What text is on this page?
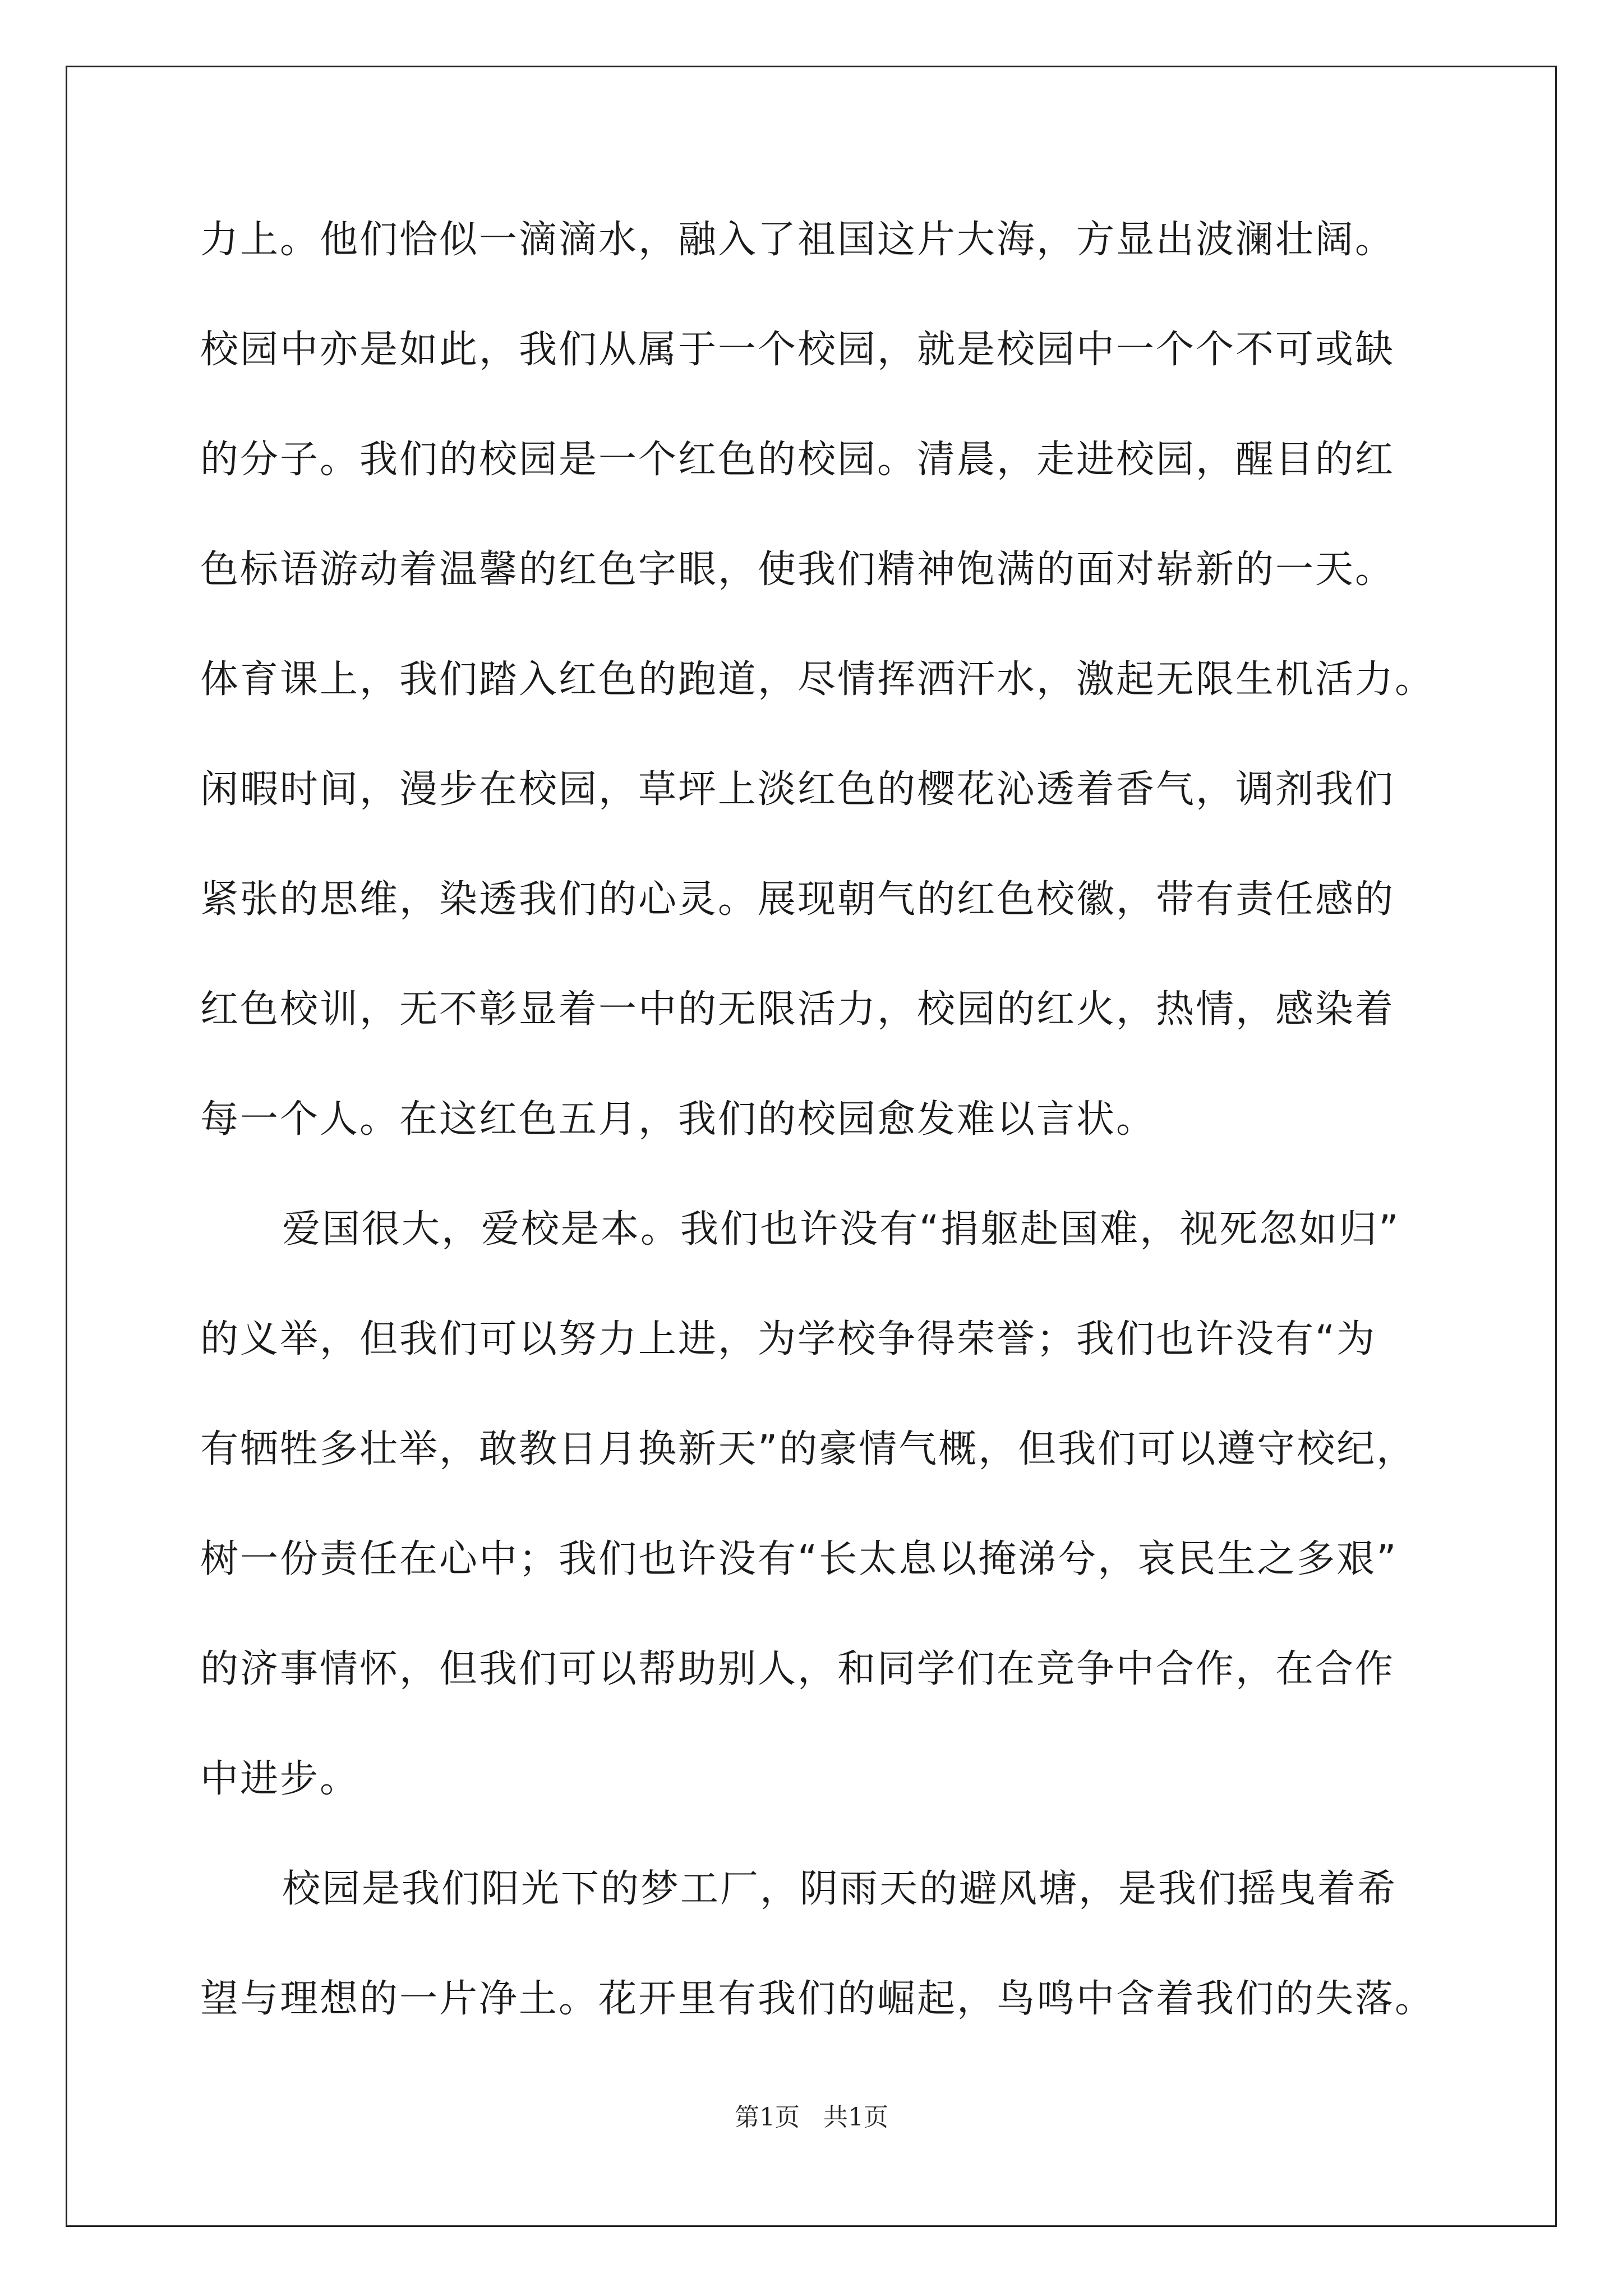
力上。他们恰似一滴滴水，融入了祖国这片大海，方显出波澜壮阔。
校园中亦是如此，我们从属于一个校园，就是校园中一个个不可或缺
的分子。我们的校园是一个红色的校园。清晨，走进校园，醒目的红
色标语游动着温馨的红色字眼，使我们精神饱满的面对崭新的一天。
体育课上，我们踏入红色的跑道，尽情挥洒汗水，激起无限生机活力。
闲暇时间，漫步在校园，草坪上淡红色的樱花沁透着香气，调剂我们
紧张的思维，染透我们的心灵。展现朝气的红色校徽，带有责任感的
红色校训，无不彰显着一中的无限活力，校园的红火，热情，感染着
每一个人。在这红色五月，我们的校园愈发难以言状。
爱国很大，爱校是本。我们也许没有“捐躯赴国难，视死忽如归”
的义举，但我们可以努力上进，为学校争得荣誉；我们也许没有“为
有牺牲多壮举，敢教日月换新天”的豪情气概，但我们可以遵守校纪，
树一份责任在心中；我们也许没有“长太息以掩涕兮，哀民生之多艰”
的济事情怀，但我们可以帮助别人，和同学们在竞争中合作，在合作
中进步。
校园是我们阳光下的梦工厂，阴雨天的避风塘，是我们摇曳着希
望与理想的一片净土。花开里有我们的崛起，鸟鸣中含着我们的失落。
第1页 共1页
